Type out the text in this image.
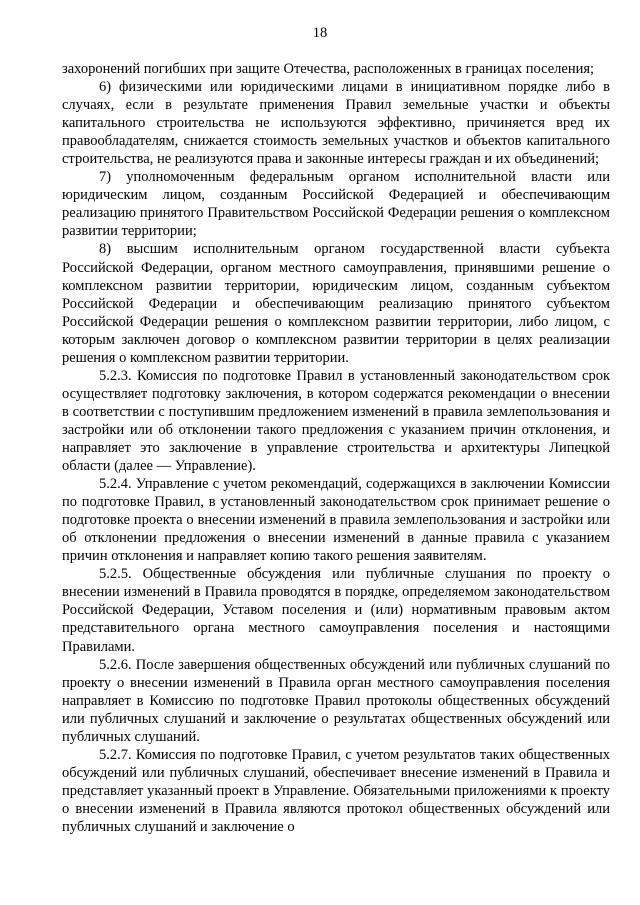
18

захоронений погибших при защите Отечества, расположенных в границах поселения;

6) физическими или юридическими лицами в инициативном порядке либо в случаях, если в результате применения Правил земельные участки и объекты капитального строительства не используются эффективно, причиняется вред их правообладателям, снижается стоимость земельных участков и объектов капитального строительства, не реализуются права и законные интересы граждан и их объединений;

7) уполномоченным федеральным органом исполнительной власти или юридическим лицом, созданным Российской Федерацией и обеспечивающим реализацию принятого Правительством Российской Федерации решения о комплексном развитии территории;

8) высшим исполнительным органом государственной власти субъекта Российской Федерации, органом местного самоуправления, принявшими решение о комплексном развитии территории, юридическим лицом, созданным субъектом Российской Федерации и обеспечивающим реализацию принятого субъектом Российской Федерации решения о комплексном развитии территории, либо лицом, с которым заключен договор о комплексном развитии территории в целях реализации решения о комплексном развитии территории.

5.2.3. Комиссия по подготовке Правил в установленный законодательством срок осуществляет подготовку заключения, в котором содержатся рекомендации о внесении в соответствии с поступившим предложением изменений в правила землепользования и застройки или об отклонении такого предложения с указанием причин отклонения, и направляет это заключение в управление строительства и архитектуры Липецкой области (далее — Управление).

5.2.4. Управление с учетом рекомендаций, содержащихся в заключении Комиссии по подготовке Правил, в установленный законодательством срок принимает решение о подготовке проекта о внесении изменений в правила землепользования и застройки или об отклонении предложения о внесении изменений в данные правила с указанием причин отклонения и направляет копию такого решения заявителям.

5.2.5. Общественные обсуждения или публичные слушания по проекту о внесении изменений в Правила проводятся в порядке, определяемом законодательством Российской Федерации, Уставом поселения и (или) нормативным правовым актом представительного органа местного самоуправления поселения и настоящими Правилами.

5.2.6. После завершения общественных обсуждений или публичных слушаний по проекту о внесении изменений в Правила орган местного самоуправления поселения направляет в Комиссию по подготовке Правил протоколы общественных обсуждений или публичных слушаний и заключение о результатах общественных обсуждений или публичных слушаний.

5.2.7. Комиссия по подготовке Правил, с учетом результатов таких общественных обсуждений или публичных слушаний, обеспечивает внесение изменений в Правила и представляет указанный проект в Управление. Обязательными приложениями к проекту о внесении изменений в Правила являются протокол общественных обсуждений или публичных слушаний и заключение о
